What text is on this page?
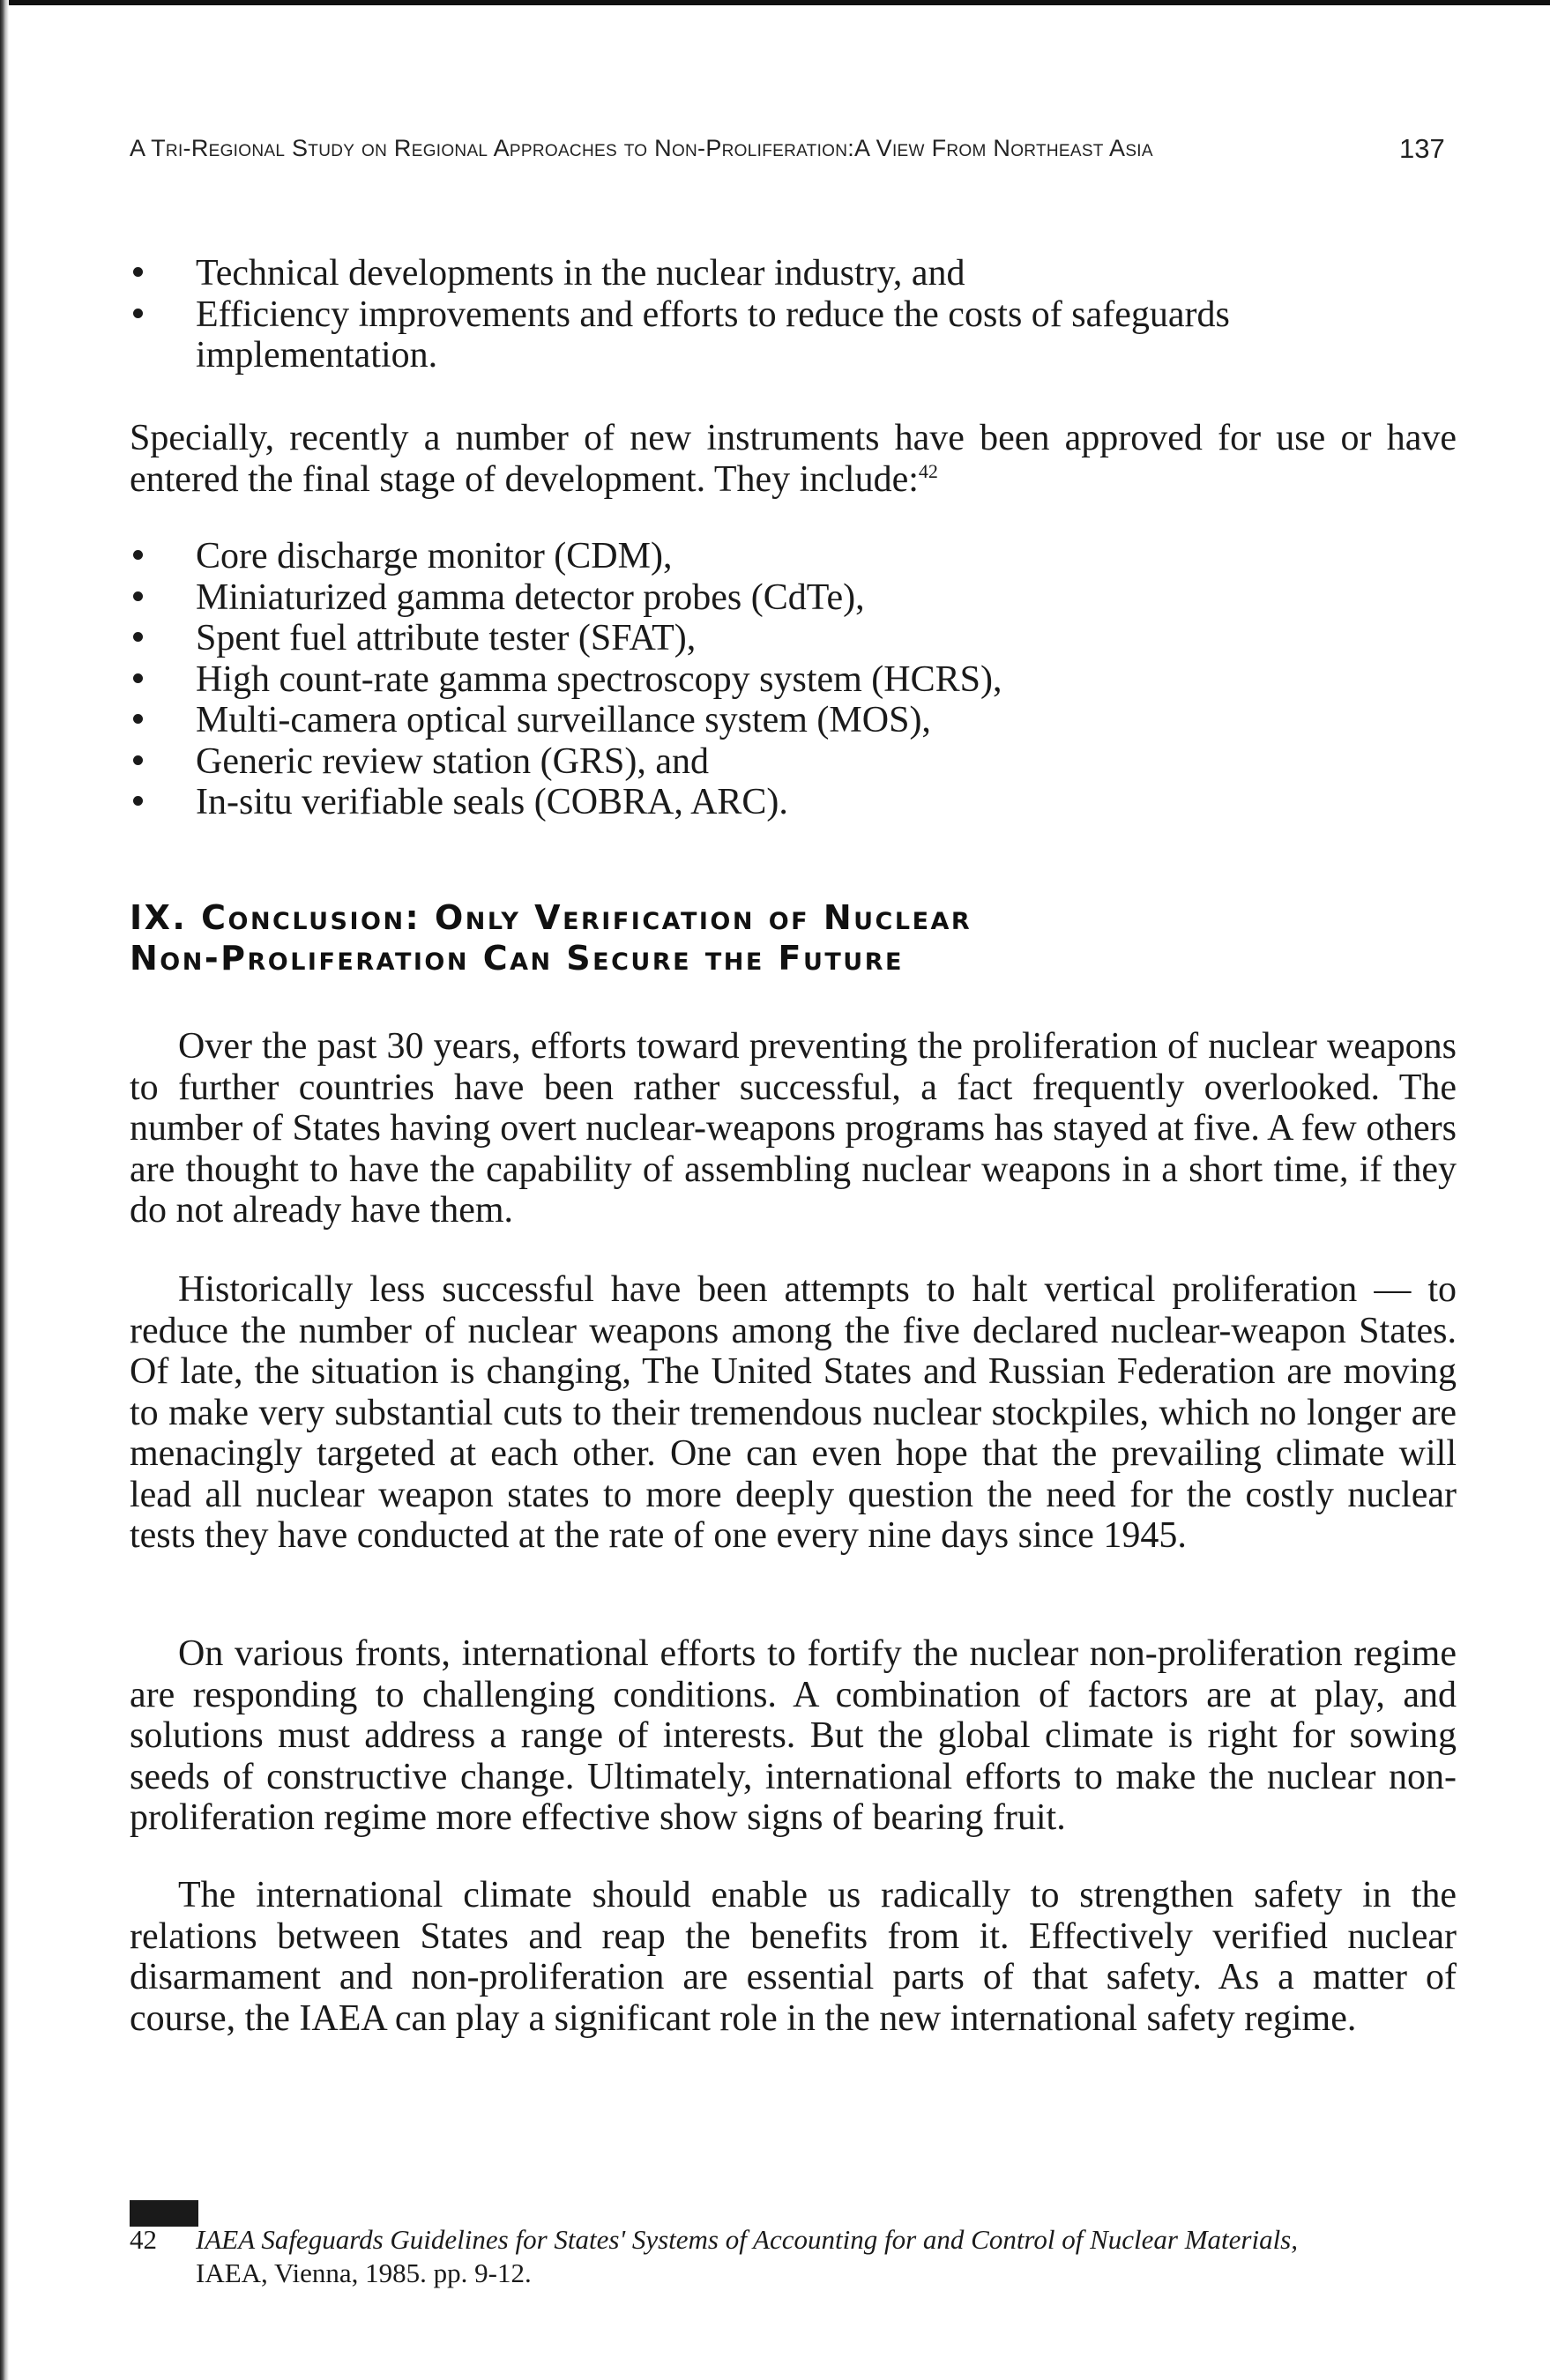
A Tri-Regional Study on Regional Approaches to Non-Proliferation:A View From Northeast Asia	137
Technical developments in the nuclear industry, and
Efficiency improvements and efforts to reduce the costs of safeguards implementation.

Specially, recently a number of new instruments have been approved for use or have entered the final stage of development. They include:$^{42}$

Core discharge monitor (CDM),
Miniaturized gamma detector probes (CdTe),
Spent fuel attribute tester (SFAT),
High count-rate gamma spectroscopy system (HCRS),
Multi-camera optical surveillance system (MOS),
Generic review station (GRS), and
In-situ verifiable seals (COBRA, ARC).
IX. Conclusion: Only Verification of Nuclear
Non-Proliferation Can Secure the Future

Over the past 30 years, efforts toward preventing the proliferation of nuclear weapons to further countries have been rather successful, a fact frequently overlooked. The number of States having overt nuclear-weapons programs has stayed at five. A few others are thought to have the capability of assembling nuclear weapons in a short time, if they do not already have them.

Historically less successful have been attempts to halt vertical proliferation — to reduce the number of nuclear weapons among the five declared nuclear-weapon States. Of late, the situation is changing, The United States and Russian Federation are moving to make very substantial cuts to their tremendous nuclear stockpiles, which no longer are menacingly targeted at each other. One can even hope that the prevailing climate will lead all nuclear weapon states to more deeply question the need for the costly nuclear tests they have conducted at the rate of one every nine days since 1945.

On various fronts, international efforts to fortify the nuclear non-proliferation regime are responding to challenging conditions. A combination of factors are at play, and solutions must address a range of interests. But the global climate is right for sowing seeds of constructive change. Ultimately, international efforts to make the nuclear non-proliferation regime more effective show signs of bearing fruit.

The international climate should enable us radically to strengthen safety in the relations between States and reap the benefits from it. Effectively verified nuclear disarmament and non-proliferation are essential parts of that safety. As a matter of course, the IAEA can play a significant role in the new international safety regime.

42 IAEA Safeguards Guidelines for States' Systems of Accounting for and Control of Nuclear Materials,
IAEA, Vienna, 1985. pp. 9-12.
